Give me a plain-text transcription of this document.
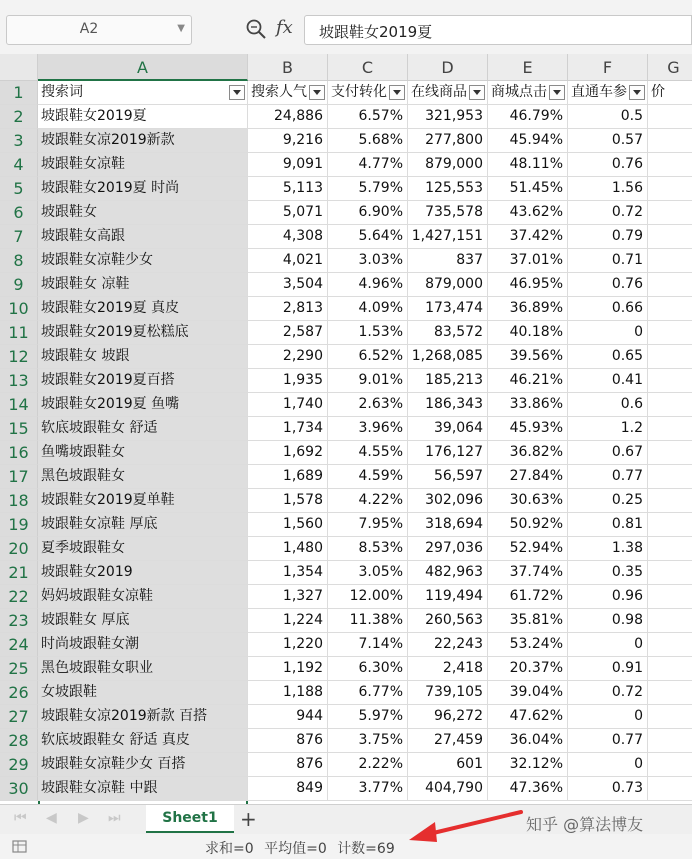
A2	▼	fx 坡跟鞋女2019夏
A	B	C	D	E	F	G
1	搜索词	搜索人气	支付转化	在线商品	商城点击	直通车参	价
2	坡跟鞋女2019夏	24,886	6.57%	321,953	46.79%	0.5
3	坡跟鞋女凉2019新款	9,216	5.68%	277,800	45.94%	0.57
4	坡跟鞋女凉鞋	9,091	4.77%	879,000	48.11%	0.76
5	坡跟鞋女2019夏 时尚	5,113	5.79%	125,553	51.45%	1.56
6	坡跟鞋女	5,071	6.90%	735,578	43.62%	0.72
7	坡跟鞋女高跟	4,308	5.64% 1,427,151	37.42%	0.79
8	坡跟鞋女凉鞋少女	4,021	3.03%	837	37.01%	0.71
9	坡跟鞋女 凉鞋	3,504	4.96%	879,000	46.95%	0.76
10 坡跟鞋女2019夏 真皮	2,813	4.09%	173,474	36.89%	0.66
11 坡跟鞋女2019夏松糕底	2,587	1.53%	83,572	40.18%	0
12 坡跟鞋女 坡跟	2,290	6.52% 1,268,085	39.56%	0.65
13 坡跟鞋女2019夏百搭	1,935	9.01%	185,213	46.21%	0.41
14 坡跟鞋女2019夏 鱼嘴	1,740	2.63%	186,343	33.86%	0.6
15 软底坡跟鞋女 舒适	1,734	3.96%	39,064	45.93%	1.2
16 鱼嘴坡跟鞋女	1,692	4.55%	176,127	36.82%	0.67
17 黑色坡跟鞋女	1,689	4.59%	56,597	27.84%	0.77
18 坡跟鞋女2019夏单鞋	1,578	4.22%	302,096	30.63%	0.25
19 坡跟鞋女凉鞋 厚底	1,560	7.95%	318,694	50.92%	0.81
20 夏季坡跟鞋女	1,480	8.53%	297,036	52.94%	1.38
21 坡跟鞋女2019	1,354	3.05%	482,963	37.74%	0.35
22 妈妈坡跟鞋女凉鞋	1,327	12.00%	119,494	61.72%	0.96
23 坡跟鞋女 厚底	1,224	11.38%	260,563	35.81%	0.98
24 时尚坡跟鞋女潮	1,220	7.14%	22,243	53.24%	0
25 黑色坡跟鞋女职业	1,192	6.30%	2,418	20.37%	0.91
26 女坡跟鞋	1,188	6.77%	739,105	39.04%	0.72
27 坡跟鞋女凉2019新款 百搭	944	5.97%	96,272	47.62%	0
28 软底坡跟鞋女 舒适 真皮	876	3.75%	27,459	36.04%	0.77
29 坡跟鞋女凉鞋少女 百搭	876	2.22%	601	32.12%	0
30 坡跟鞋女凉鞋 中跟	849	3.77%	404,790	47.36%	0.73
⏮ ◀ ▶ ⏭	Sheet1	+	知乎 @算法博友
求和=0 平均值=0 计数=69
